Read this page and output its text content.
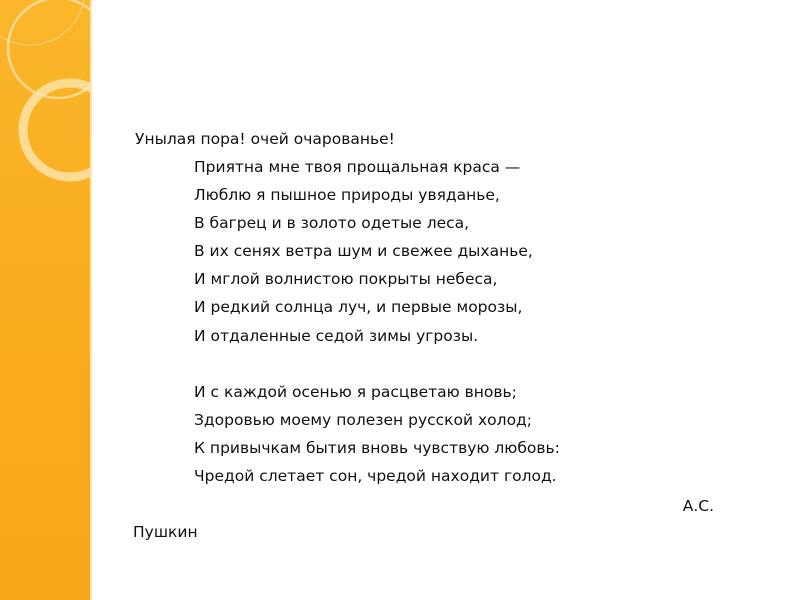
Унылая пора! очей очарованье!
Приятна мне твоя прощальная краса —
Люблю я пышное природы увяданье,
В багрец и в золото одетые леса,
В их сенях ветра шум и свежее дыханье,
И мглой волнистою покрыты небеса,
И редкий солнца луч, и первые морозы,
И отдаленные седой зимы угрозы.
И с каждой осенью я расцветаю вновь;
Здоровью моему полезен русской холод;
К привычкам бытия вновь чувствую любовь:
Чредой слетает сон, чредой находит голод.
А.С.
Пушкин
